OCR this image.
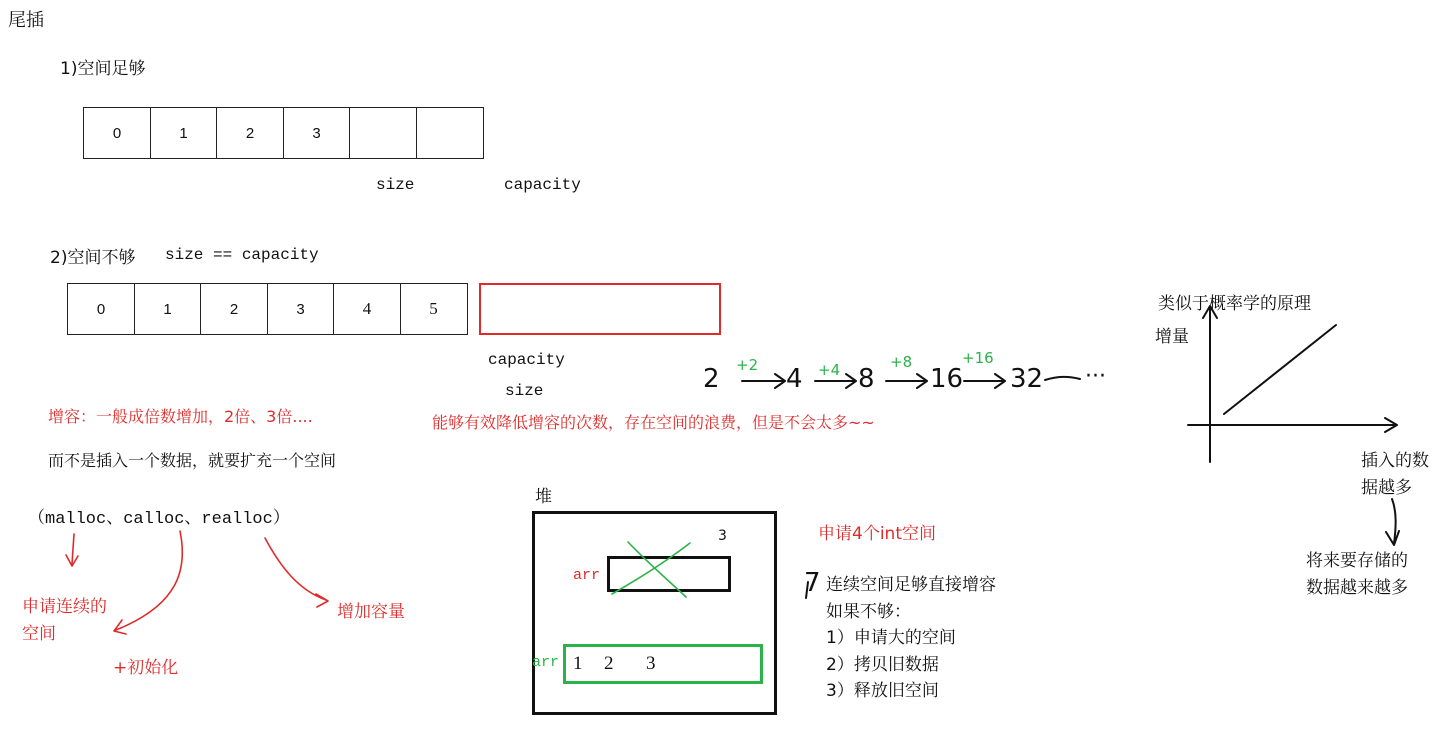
尾插
1)空间足够
0	1	2	3
size	capacity
2)空间不够 size == capacity
0	1	2	3	4	5
capacity
size
增容：一般成倍数增加，2倍、3倍....	能够有效降低增容的次数，存在空间的浪费，但是不会太多~~
而不是插入一个数据，就要扩充一个空间
2	4 8 16 32 ···
+2	+4	+8	+16
（malloc、calloc、realloc）
申请连续的
空间
+初始化
增加容量
堆
arr
3
arr 1 2 3
申请4个int空间
7 连续空间足够直接增容
如果不够：
1）申请大的空间
2）拷贝旧数据
3）释放旧空间
类似于概率学的原理
增量
插入的数
据越多
将来要存储的
数据越来越多
